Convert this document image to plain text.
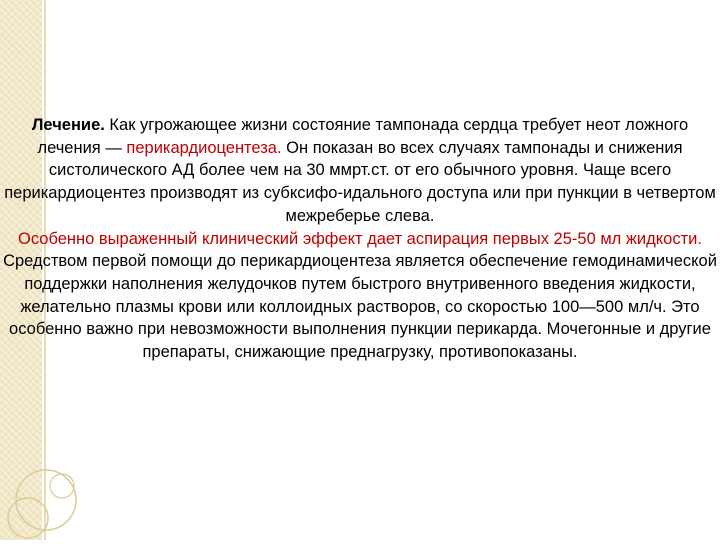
Лечение. Как угрожающее жизни состояние тампонада сердца требует неот ложного лечения — перикардиоцентеза. Он показан во всех случаях тампонады и снижения систолического АД более чем на 30 ммрт.ст. от его обычного уровня. Чаще всего перикардиоцентез производят из субксифо-идального доступа или при пункции в четвертом межреберье слева.

Особенно выраженный клинический эффект дает аспирация первых 25-50 мл жидкости.

Средством первой помощи до перикардиоцентеза является обеспечение гемодинамической поддержки наполнения желудочков путем быстрого внутривенного введения жидкости, желательно плазмы крови или коллоидных растворов, со скоростью 100—500 мл/ч. Это особенно важно при невозможности выполнения пункции перикарда. Мочегонные и другие препараты, снижающие преднагрузку, противопоказаны.
